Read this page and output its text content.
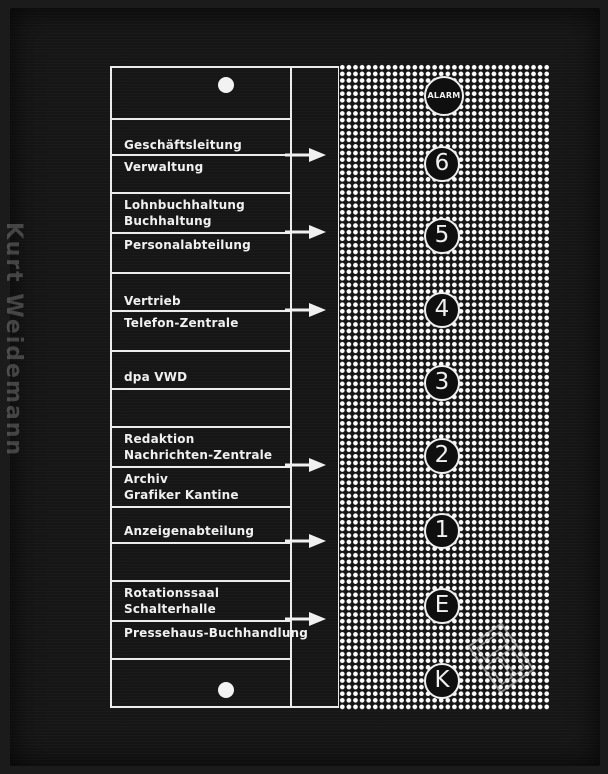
Kurt Weidemann
Geschäftsleitung
Verwaltung
Lohnbuchhaltung
Buchhaltung
Personalabteilung
Vertrieb
Telefon-Zentrale
dpa VWD
Redaktion
Nachrichten-Zentrale
Archiv
Grafiker Kantine
Anzeigenabteilung
Rotationssaal
Schalterhalle
Pressehaus-Buchhandlung
ALARM
6
5
4
3
2
1
E
K
